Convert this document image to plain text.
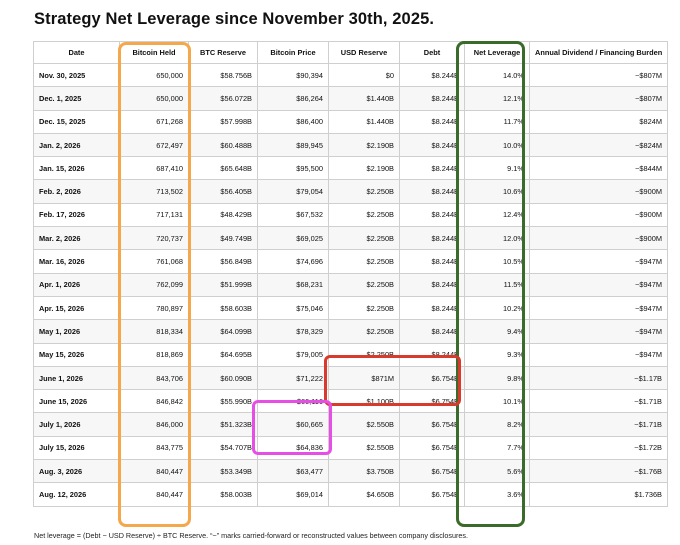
Strategy Net Leverage since November 30th, 2025.
Date	Bitcoin Held	BTC Reserve	Bitcoin Price	USD Reserve	Debt	Net Leverage	Annual Dividend / Financing Burden
Nov. 30, 2025	650,000	$58.756B	$90,394	$0	$8.244B	14.0%	~$807M
Dec. 1, 2025	650,000	$56.072B	$86,264	$1.440B	$8.244B	12.1%	~$807M
Dec. 15, 2025	671,268	$57.998B	$86,400	$1.440B	$8.244B	11.7%	$824M
Jan. 2, 2026	672,497	$60.488B	$89,945	$2.190B	$8.244B	10.0%	~$824M
Jan. 15, 2026	687,410	$65.648B	$95,500	$2.190B	$8.244B	9.1%	~$844M
Feb. 2, 2026	713,502	$56.405B	$79,054	$2.250B	$8.244B	10.6%	~$900M
Feb. 17, 2026	717,131	$48.429B	$67,532	$2.250B	$8.244B	12.4%	~$900M
Mar. 2, 2026	720,737	$49.749B	$69,025	$2.250B	$8.244B	12.0%	~$900M
Mar. 16, 2026	761,068	$56.849B	$74,696	$2.250B	$8.244B	10.5%	~$947M
Apr. 1, 2026	762,099	$51.999B	$68,231	$2.250B	$8.244B	11.5%	~$947M
Apr. 15, 2026	780,897	$58.603B	$75,046	$2.250B	$8.244B	10.2%	~$947M
May 1, 2026	818,334	$64.099B	$78,329	$2.250B	$8.244B	9.4%	~$947M
May 15, 2026	818,869	$64.695B	$79,005	$2.250B	$8.244B	9.3%	~$947M
June 1, 2026	843,706	$60.090B	$71,222	$871M	$6.754B	9.8%	~$1.17B
June 15, 2026	846,842	$55.990B	$66,116	$1.100B	$6.754B	10.1%	~$1.71B
July 1, 2026	846,000	$51.323B	$60,665	$2.550B	$6.754B	8.2%	~$1.71B
July 15, 2026	843,775	$54.707B	$64,836	$2.550B	$6.754B	7.7%	~$1.72B
Aug. 3, 2026	840,447	$53.349B	$63,477	$3.750B	$6.754B	5.6%	~$1.76B
Aug. 12, 2026	840,447	$58.003B	$69,014	$4.650B	$6.754B	3.6%	$1.736B
Net leverage = (Debt − USD Reserve) ÷ BTC Reserve. “~” marks carried-forward or reconstructed values between company disclosures.
